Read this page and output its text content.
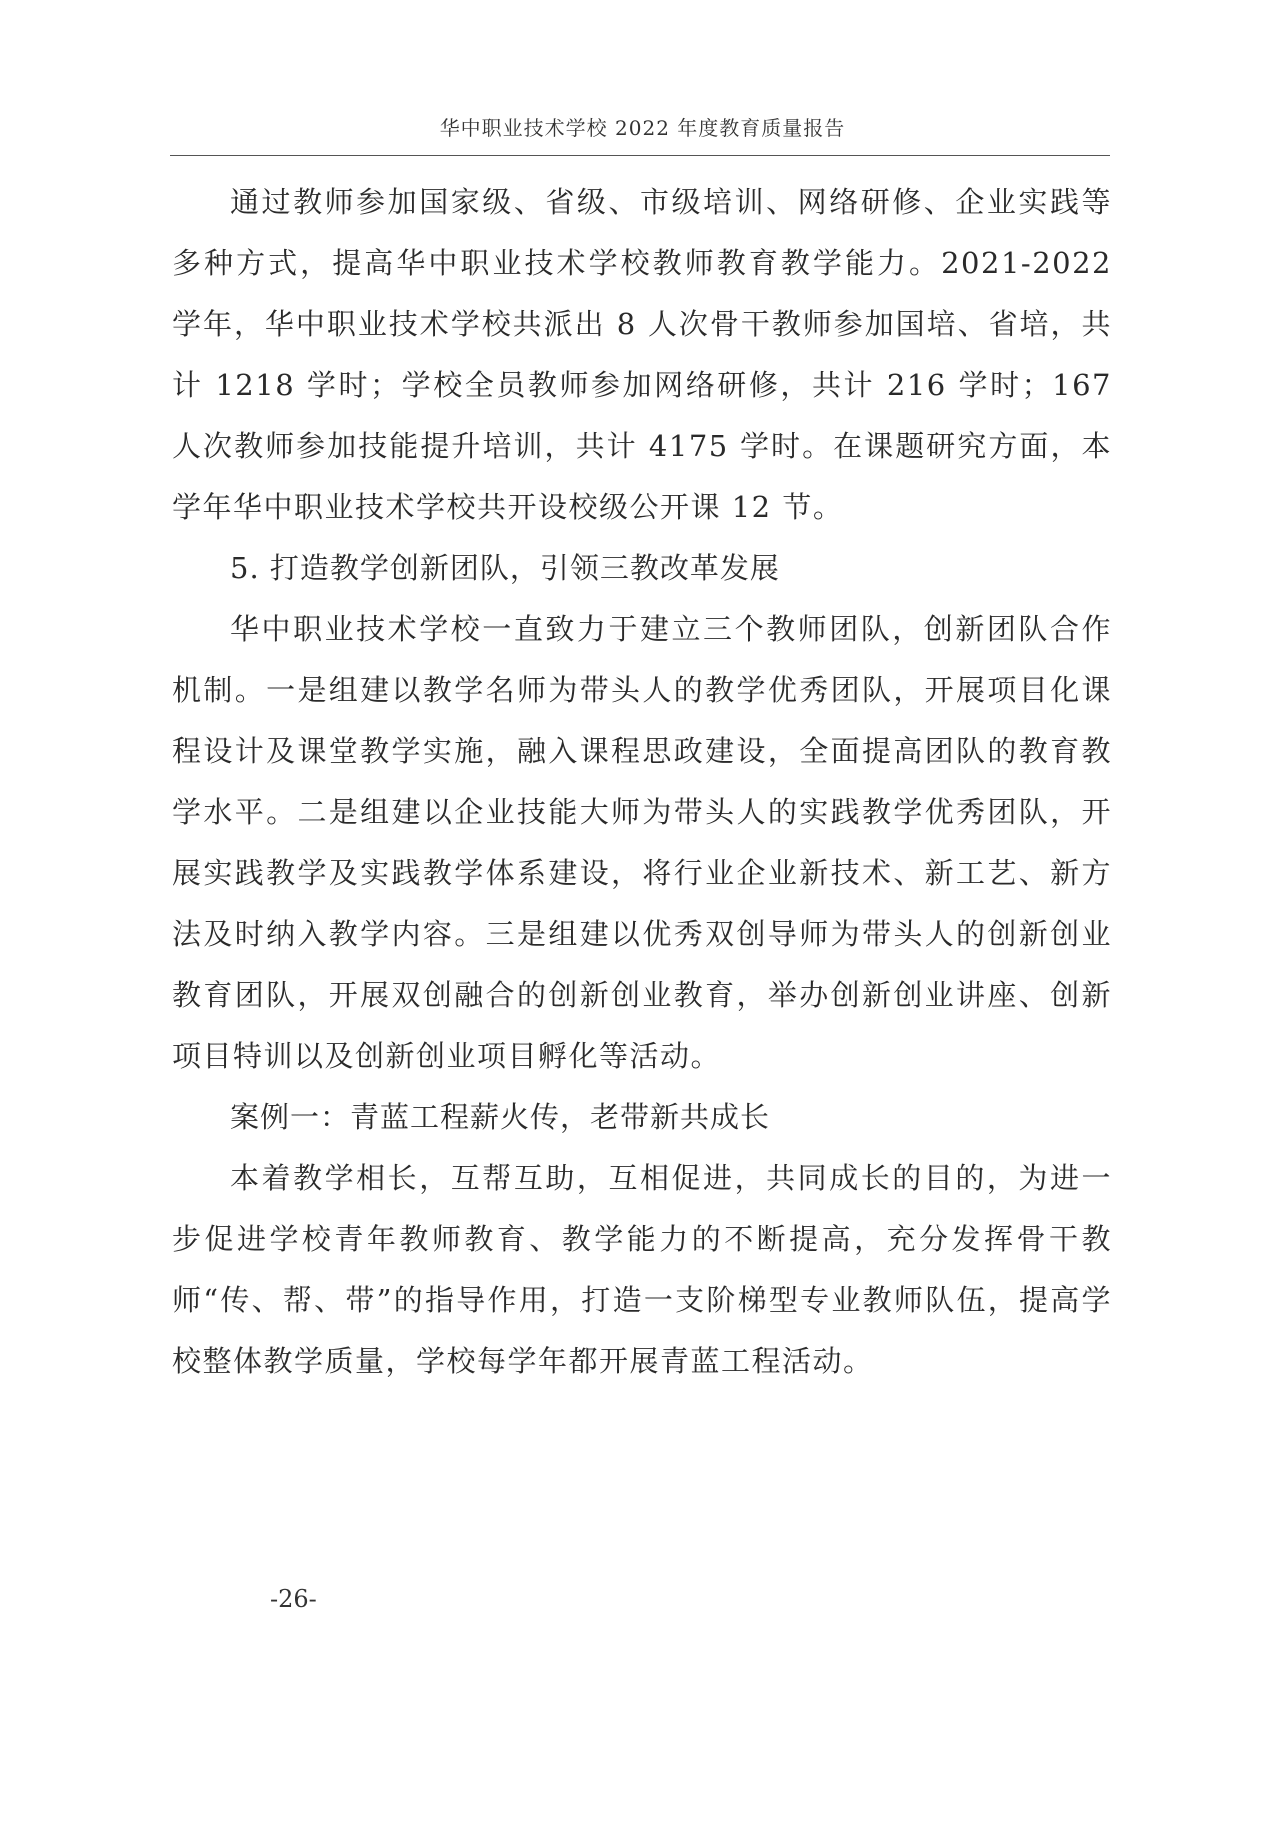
华中职业技术学校 2022 年度教育质量报告

通过教师参加国家级、省级、市级培训、网络研修、企业实践等多种方式，提高华中职业技术学校教师教育教学能力。2021-2022 学年，华中职业技术学校共派出 8 人次骨干教师参加国培、省培，共计 1218 学时；学校全员教师参加网络研修，共计 216 学时；167 人次教师参加技能提升培训，共计 4175 学时。在课题研究方面，本学年华中职业技术学校共开设校级公开课 12 节。

5. 打造教学创新团队，引领三教改革发展

华中职业技术学校一直致力于建立三个教师团队，创新团队合作机制。一是组建以教学名师为带头人的教学优秀团队，开展项目化课程设计及课堂教学实施，融入课程思政建设，全面提高团队的教育教学水平。二是组建以企业技能大师为带头人的实践教学优秀团队，开展实践教学及实践教学体系建设，将行业企业新技术、新工艺、新方法及时纳入教学内容。三是组建以优秀双创导师为带头人的创新创业教育团队，开展双创融合的创新创业教育，举办创新创业讲座、创新项目特训以及创新创业项目孵化等活动。

案例一：青蓝工程薪火传，老带新共成长

本着教学相长，互帮互助，互相促进，共同成长的目的，为进一步促进学校青年教师教育、教学能力的不断提高，充分发挥骨干教师“传、帮、带”的指导作用，打造一支阶梯型专业教师队伍，提高学校整体教学质量，学校每学年都开展青蓝工程活动。

-26-
